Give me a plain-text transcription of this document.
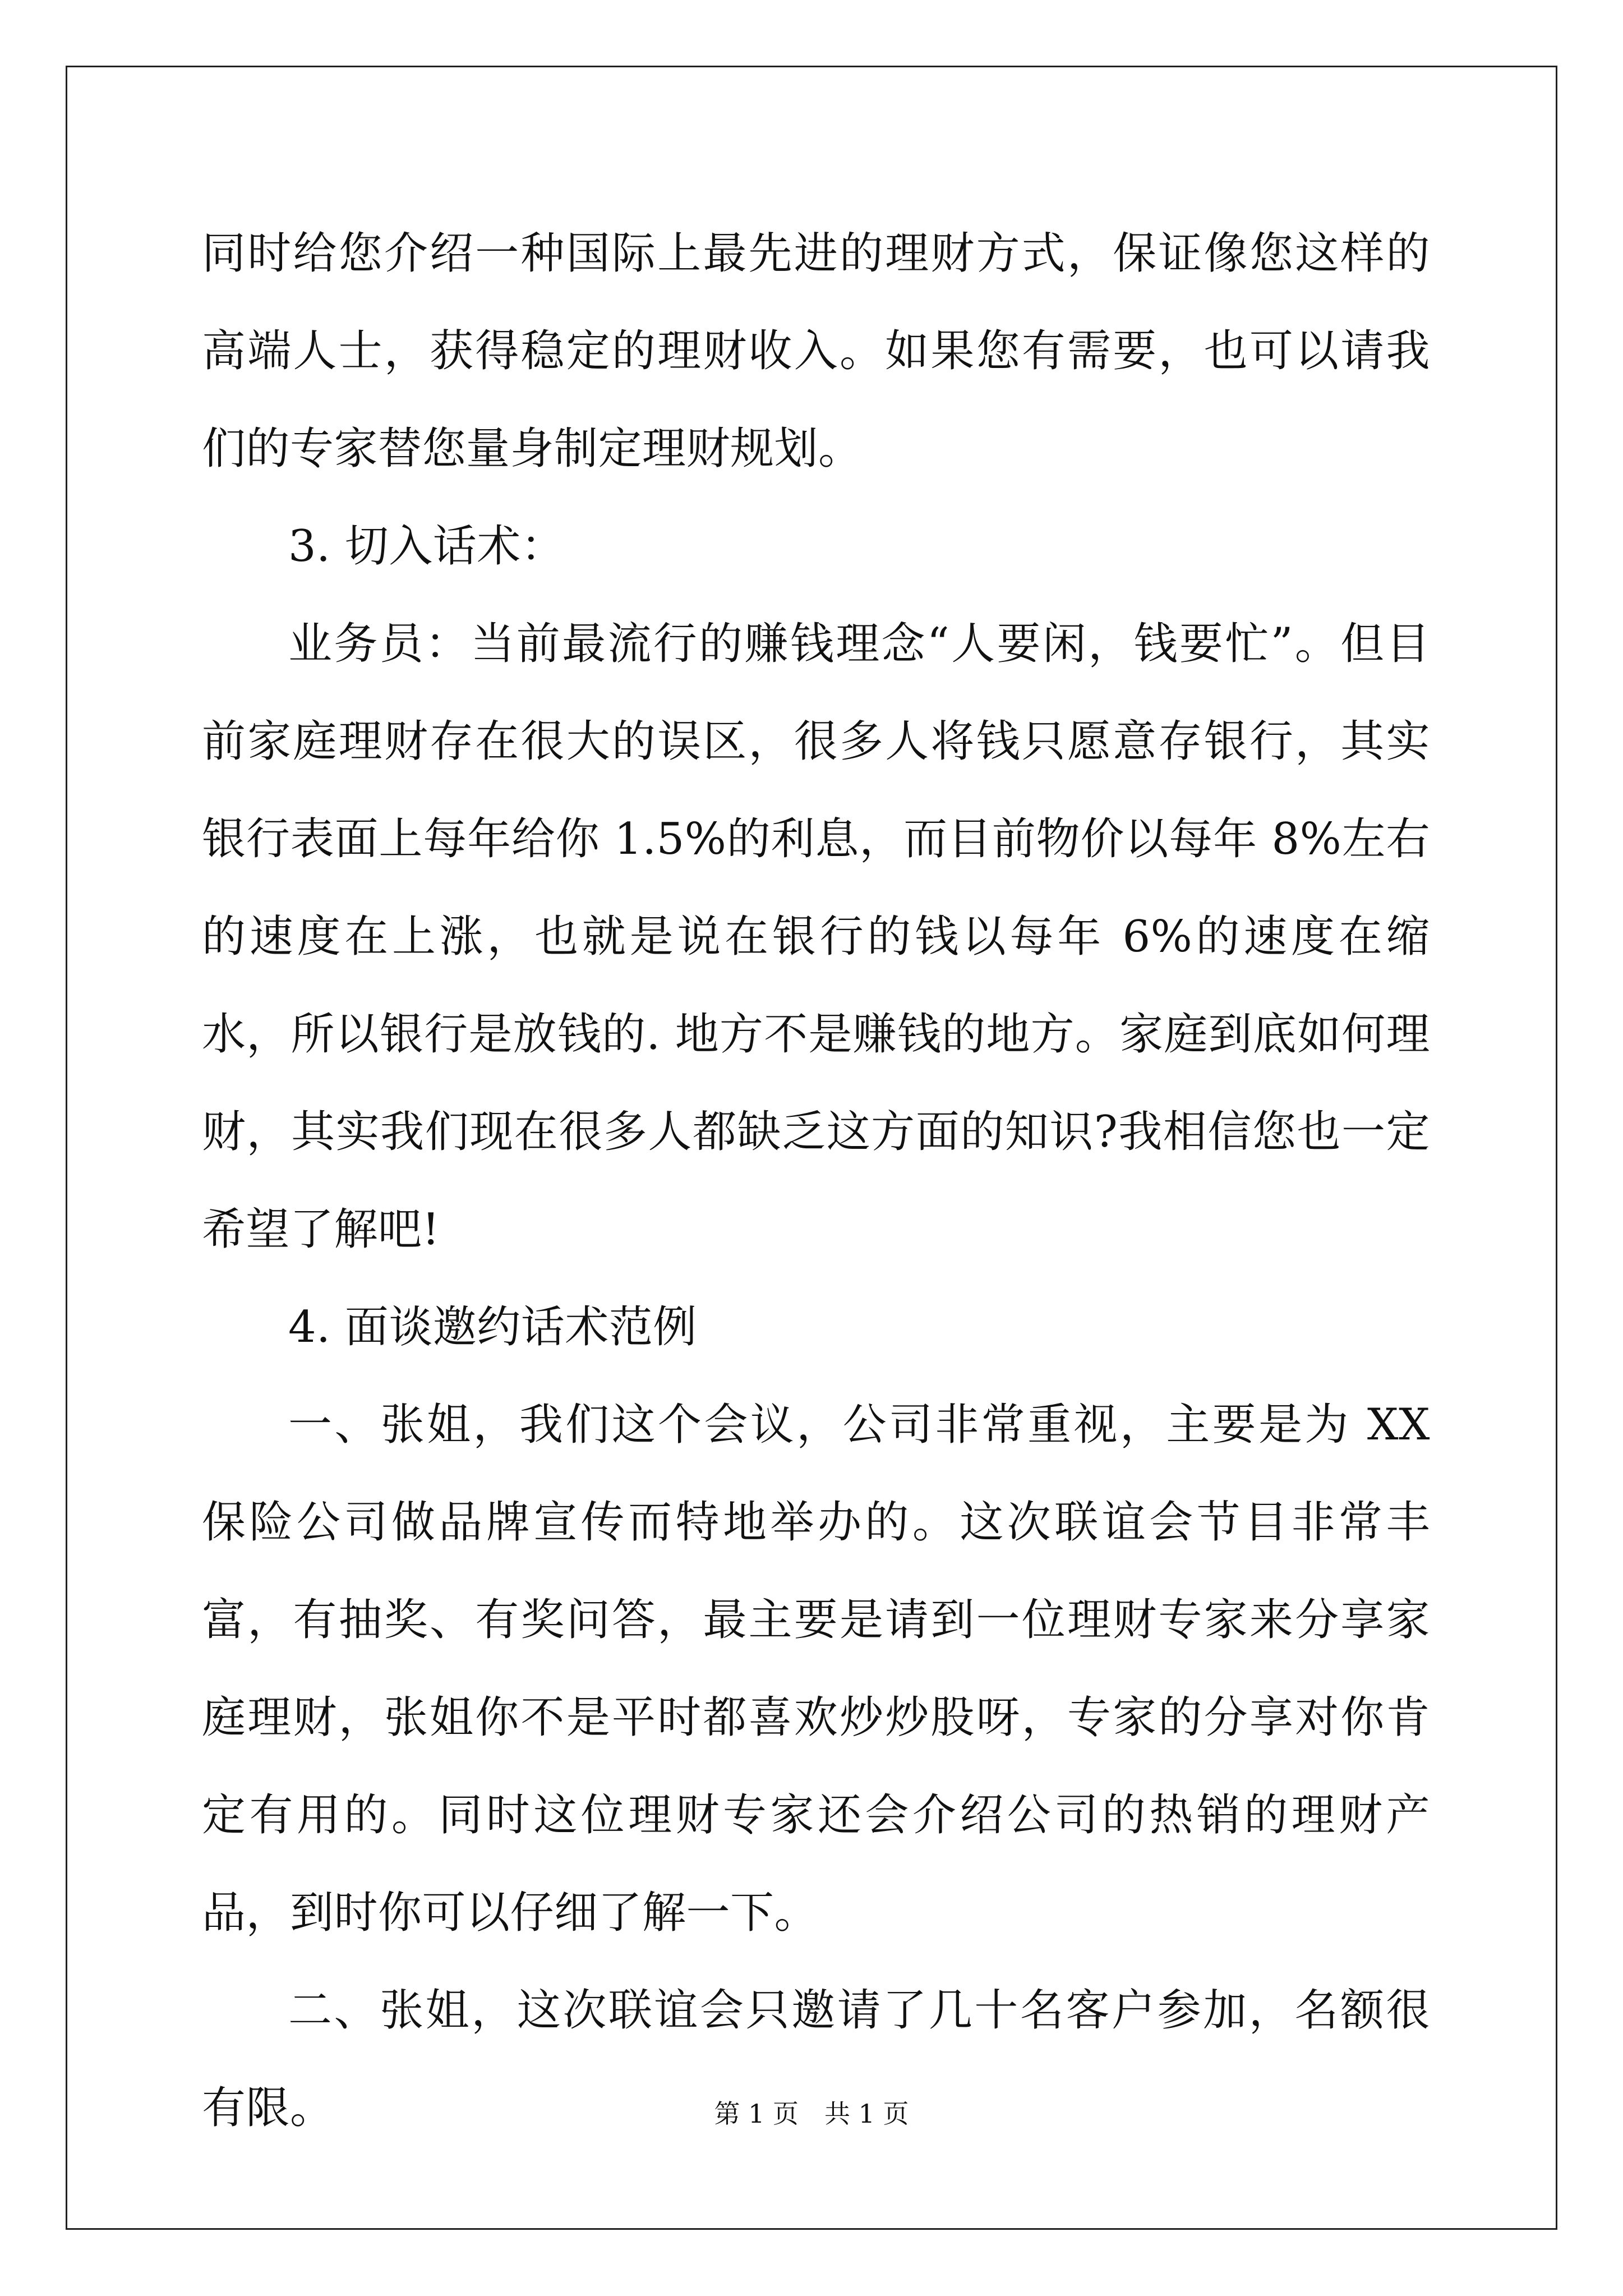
同时给您介绍一种国际上最先进的理财方式，保证像您这样的高端人士，获得稳定的理财收入。如果您有需要，也可以请我们的专家替您量身制定理财规划。

3. 切入话术：

业务员：当前最流行的赚钱理念“人要闲，钱要忙”。但目前家庭理财存在很大的误区，很多人将钱只愿意存银行，其实银行表面上每年给你 1.5%的利息，而目前物价以每年 8%左右的速度在上涨，也就是说在银行的钱以每年 6%的速度在缩水，所以银行是放钱的. 地方不是赚钱的地方。家庭到底如何理财，其实我们现在很多人都缺乏这方面的知识?我相信您也一定希望了解吧!

4. 面谈邀约话术范例

一、张姐，我们这个会议，公司非常重视，主要是为 XX 保险公司做品牌宣传而特地举办的。这次联谊会节目非常丰富，有抽奖、有奖问答，最主要是请到一位理财专家来分享家庭理财，张姐你不是平时都喜欢炒炒股呀，专家的分享对你肯定有用的。同时这位理财专家还会介绍公司的热销的理财产品，到时你可以仔细了解一下。

二、张姐，这次联谊会只邀请了几十名客户参加，名额很有限。	第 1 页　共 1 页
